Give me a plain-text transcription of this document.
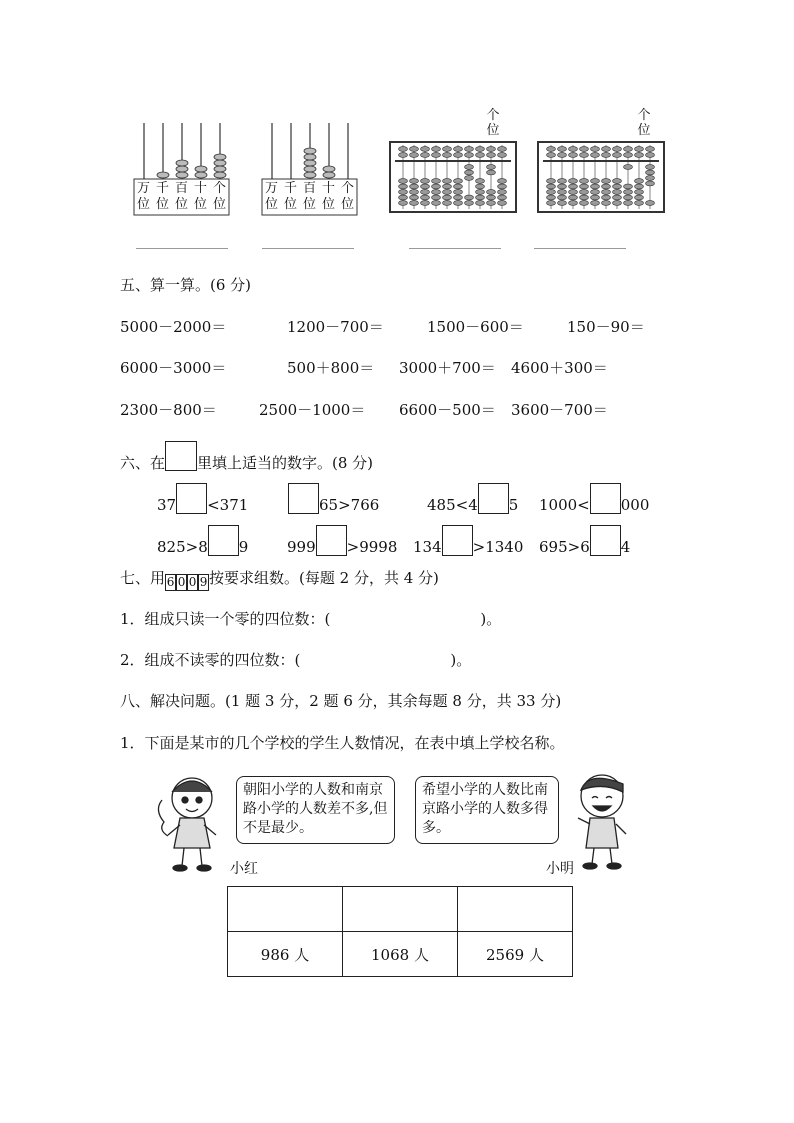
万位
千位
百位
十位
个位
万位
千位
百位
十位
个位
个位
个位
五、算一算。(6 分)
5000－2000＝	1200－700＝	1500－600＝	150－90＝
6000－3000＝	500＋800＝ 3000＋700＝ 4600＋300＝
2300－800＝	2500－1000＝ 6600－500＝ 3600－700＝
六、在 里填上适当的数字。(8 分)
37 <371	65>766	485<4 5 1000< 000
825>8 9	999 >9998 134 >1340 695>6 4
七、用 6 0 0 9 按要求组数。(每题 2 分，共 4 分)
1．组成只读一个零的四位数：(	)。
2．组成不读零的四位数：(	)。
八、解决问题。(1 题 3 分，2 题 6 分，其余每题 8 分，共 33 分)
1．下面是某市的几个学校的学生人数情况，在表中填上学校名称。
朝阳小学的人数和南京路小学的人数差不多,但不是最少。
小红
希望小学的人数比南京路小学的人数多得多。
小明

986 人	1068 人	2569 人
